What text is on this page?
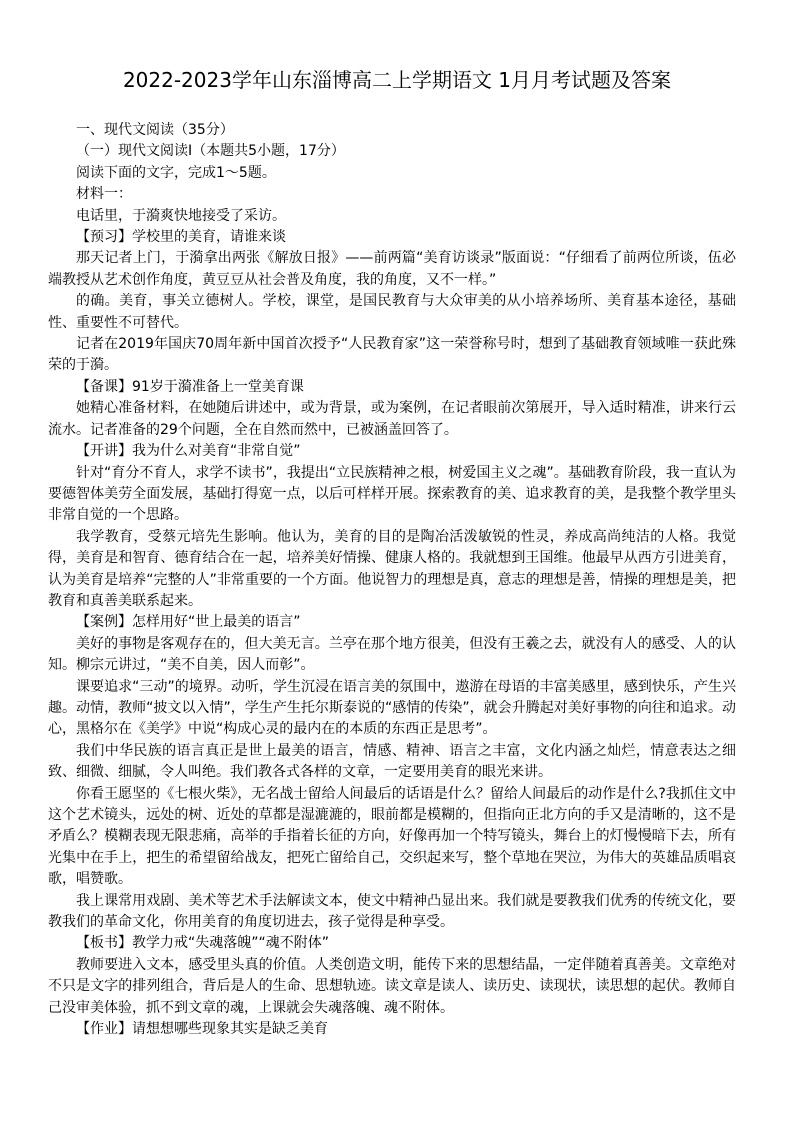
2022-2023学年山东淄博高二上学期语文 1月月考试题及答案

一、现代文阅读（35分）

（一）现代文阅读Ⅰ（本题共5小题，17分）

阅读下面的文字，完成1～5题。

材料一：

电话里，于漪爽快地接受了采访。

【预习】学校里的美育，请谁来谈

那天记者上门，于漪拿出两张《解放日报》——前两篇“美育访谈录”版面说：“仔细看了前两位所谈，伍必端教授从艺术创作角度，黄豆豆从社会普及角度，我的角度，又不一样。”

的确。美育，事关立德树人。学校，课堂，是国民教育与大众审美的从小培养场所、美育基本途径，基础性、重要性不可替代。

记者在2019年国庆70周年新中国首次授予“人民教育家”这一荣誉称号时，想到了基础教育领域唯一获此殊荣的于漪。

【备课】91岁于漪准备上一堂美育课

她精心准备材料，在她随后讲述中，或为背景，或为案例，在记者眼前次第展开，导入适时精准，讲来行云流水。记者准备的29个问题，全在自然而然中，已被涵盖回答了。

【开讲】我为什么对美育“非常自觉”

针对“育分不育人，求学不读书”，我提出“立民族精神之根，树爱国主义之魂”。基础教育阶段，我一直认为要德智体美劳全面发展，基础打得宽一点，以后可样样开展。探索教育的美、追求教育的美，是我整个教学里头非常自觉的一个思路。

我学教育，受蔡元培先生影响。他认为，美育的目的是陶冶活泼敏锐的性灵，养成高尚纯洁的人格。我觉得，美育是和智育、德育结合在一起，培养美好情操、健康人格的。我就想到王国维。他最早从西方引进美育，认为美育是培养“完整的人”非常重要的一个方面。他说智力的理想是真，意志的理想是善，情操的理想是美，把教育和真善美联系起来。

【案例】怎样用好“世上最美的语言”

美好的事物是客观存在的，但大美无言。兰亭在那个地方很美，但没有王羲之去，就没有人的感受、人的认知。柳宗元讲过，“美不自美，因人而彰”。

课要追求“三动”的境界。动听，学生沉浸在语言美的氛围中，遨游在母语的丰富美感里，感到快乐，产生兴趣。动情，教师“披文以入情”，学生产生托尔斯泰说的“感情的传染”，就会升腾起对美好事物的向往和追求。动心，黑格尔在《美学》中说“构成心灵的最内在的本质的东西正是思考”。

我们中华民族的语言真正是世上最美的语言，情感、精神、语言之丰富，文化内涵之灿烂，情意表达之细致、细微、细腻，令人叫绝。我们教各式各样的文章，一定要用美育的眼光来讲。

你看王愿坚的《七根火柴》，无名战士留给人间最后的话语是什么？留给人间最后的动作是什么?我抓住文中这个艺术镜头，远处的树、近处的草都是湿漉漉的，眼前都是模糊的，但指向正北方向的手又是清晰的，这不是矛盾么？模糊表现无限悲痛，高举的手指着长征的方向，好像再加一个特写镜头，舞台上的灯慢慢暗下去，所有光集中在手上，把生的希望留给战友，把死亡留给自己，交织起来写，整个草地在哭泣，为伟大的英雄品质唱哀歌，唱赞歌。

我上课常用戏剧、美术等艺术手法解读文本，使文中精神凸显出来。我们就是要教我们优秀的传统文化，要教我们的革命文化，你用美育的角度切进去，孩子觉得是种享受。

【板书】教学力戒“失魂落魄”“魂不附体”

教师要进入文本，感受里头真的价值。人类创造文明，能传下来的思想结晶，一定伴随着真善美。文章绝对不只是文字的排列组合，背后是人的生命、思想轨迹。读文章是读人、读历史、读现状，读思想的起伏。教师自己没审美体验，抓不到文章的魂，上课就会失魂落魄、魂不附体。

【作业】请想想哪些现象其实是缺乏美育
